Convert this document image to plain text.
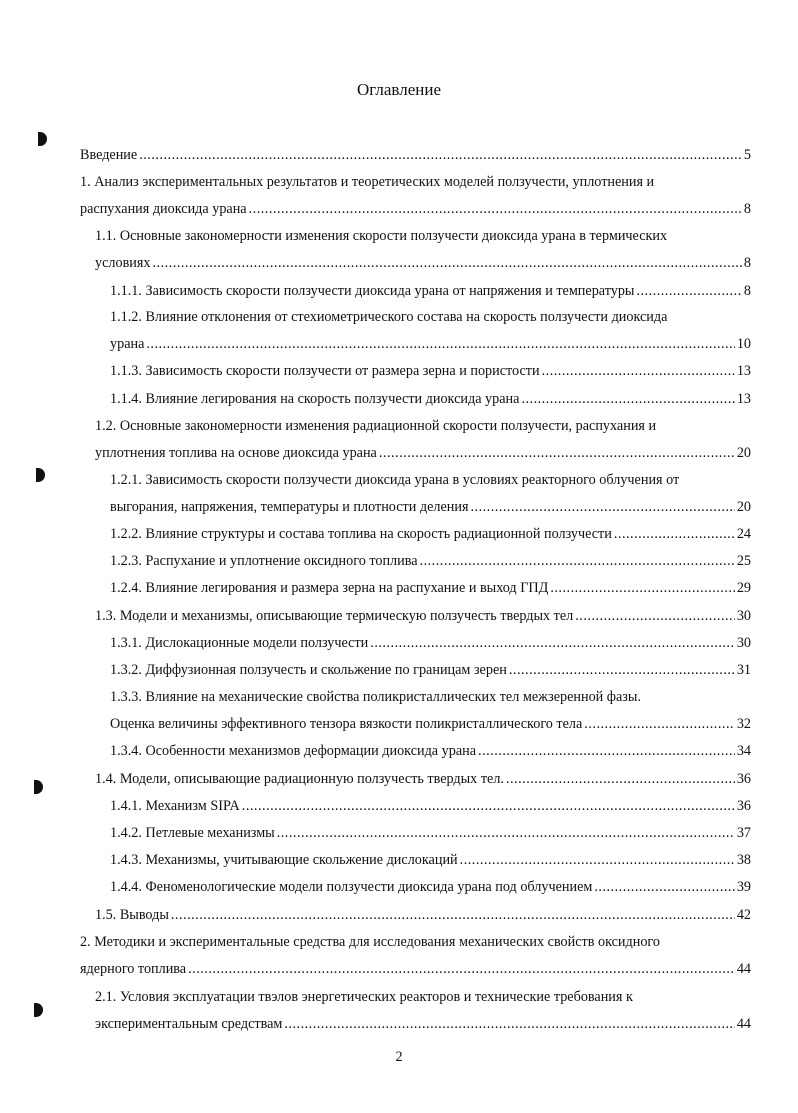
Оглавление
Введение .....	5
1. Анализ экспериментальных результатов и теоретических моделей ползучести, уплотнения и
распухания диоксида урана .....	8
1.1. Основные закономерности изменения скорости ползучести диоксида урана в термических
условиях .....	8
1.1.1. Зависимость скорости ползучести диоксида урана от напряжения и температуры .....	8
1.1.2. Влияние отклонения от стехиометрического состава на скорость ползучести диоксида
урана .....	10
1.1.3. Зависимость скорости ползучести от размера зерна и пористости .....	13
1.1.4. Влияние легирования на скорость ползучести диоксида урана .....	13
1.2. Основные закономерности изменения радиационной скорости ползучести, распухания и
уплотнения топлива на основе диоксида урана .....	20
1.2.1. Зависимость скорости ползучести диоксида урана в условиях реакторного облучения от
выгорания, напряжения, температуры и плотности деления .....	20
1.2.2. Влияние структуры и состава топлива на скорость радиационной ползучести .....	24
1.2.3. Распухание и уплотнение оксидного топлива .....	25
1.2.4. Влияние легирования и размера зерна на распухание и выход ГПД .....	29
1.3. Модели и механизмы, описывающие термическую ползучесть твердых тел .....	30
1.3.1. Дислокационные модели ползучести .....	30
1.3.2. Диффузионная ползучесть и скольжение по границам зерен .....	31
1.3.3. Влияние на механические свойства поликристаллических тел межзеренной фазы.
Оценка величины эффективного тензора вязкости поликристаллического тела .....	32
1.3.4. Особенности механизмов деформации диоксида урана .....	34
1.4. Модели, описывающие радиационную ползучесть твердых тел. .....	36
1.4.1. Механизм SIPA .....	36
1.4.2. Петлевые механизмы .....	37
1.4.3. Механизмы, учитывающие скольжение дислокаций .....	38
1.4.4. Феноменологические модели ползучести диоксида урана под облучением .....	39
1.5. Выводы .....	42
2. Методики и экспериментальные средства для исследования механических свойств оксидного
ядерного топлива .....	44
2.1. Условия эксплуатации твэлов энергетических реакторов и технические требования к
экспериментальным средствам .....	44
2
